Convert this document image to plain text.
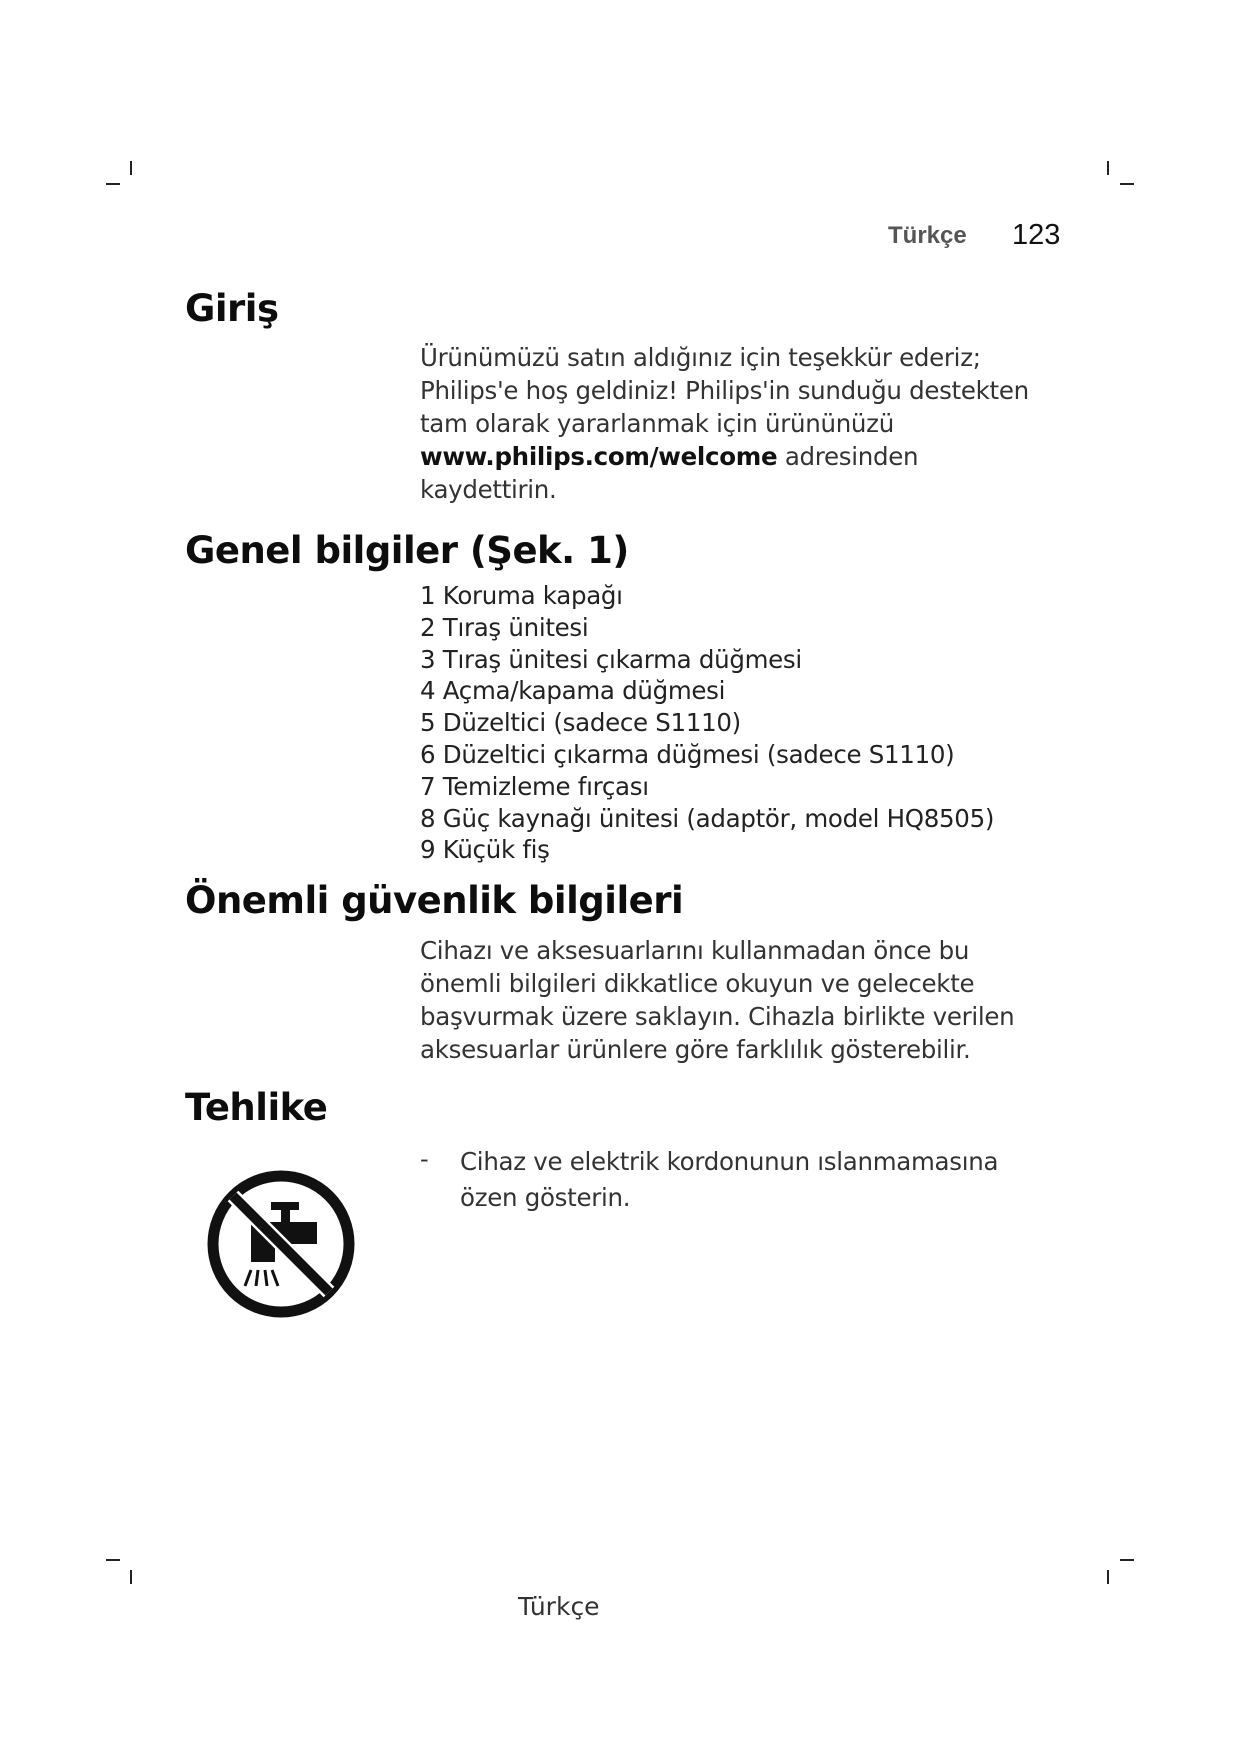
Türkçe 123
Giriş
Ürünümüzü satın aldığınız için teşekkür ederiz;
Philips'e hoş geldiniz! Philips'in sunduğu destekten
tam olarak yararlanmak için ürününüzü
www.philips.com/welcome adresinden
kaydettirin.
Genel bilgiler (Şek. 1)
1 Koruma kapağı
2 Tıraş ünitesi
3 Tıraş ünitesi çıkarma düğmesi
4 Açma/kapama düğmesi
5 Düzeltici (sadece S1110)
6 Düzeltici çıkarma düğmesi (sadece S1110)
7 Temizleme fırçası
8 Güç kaynağı ünitesi (adaptör, model HQ8505)
9 Küçük fiş
Önemli güvenlik bilgileri
Cihazı ve aksesuarlarını kullanmadan önce bu
önemli bilgileri dikkatlice okuyun ve gelecekte
başvurmak üzere saklayın. Cihazla birlikte verilen
aksesuarlar ürünlere göre farklılık gösterebilir.
Tehlike
- Cihaz ve elektrik kordonunun ıslanmamasına
özen gösterin.
Türkçe
